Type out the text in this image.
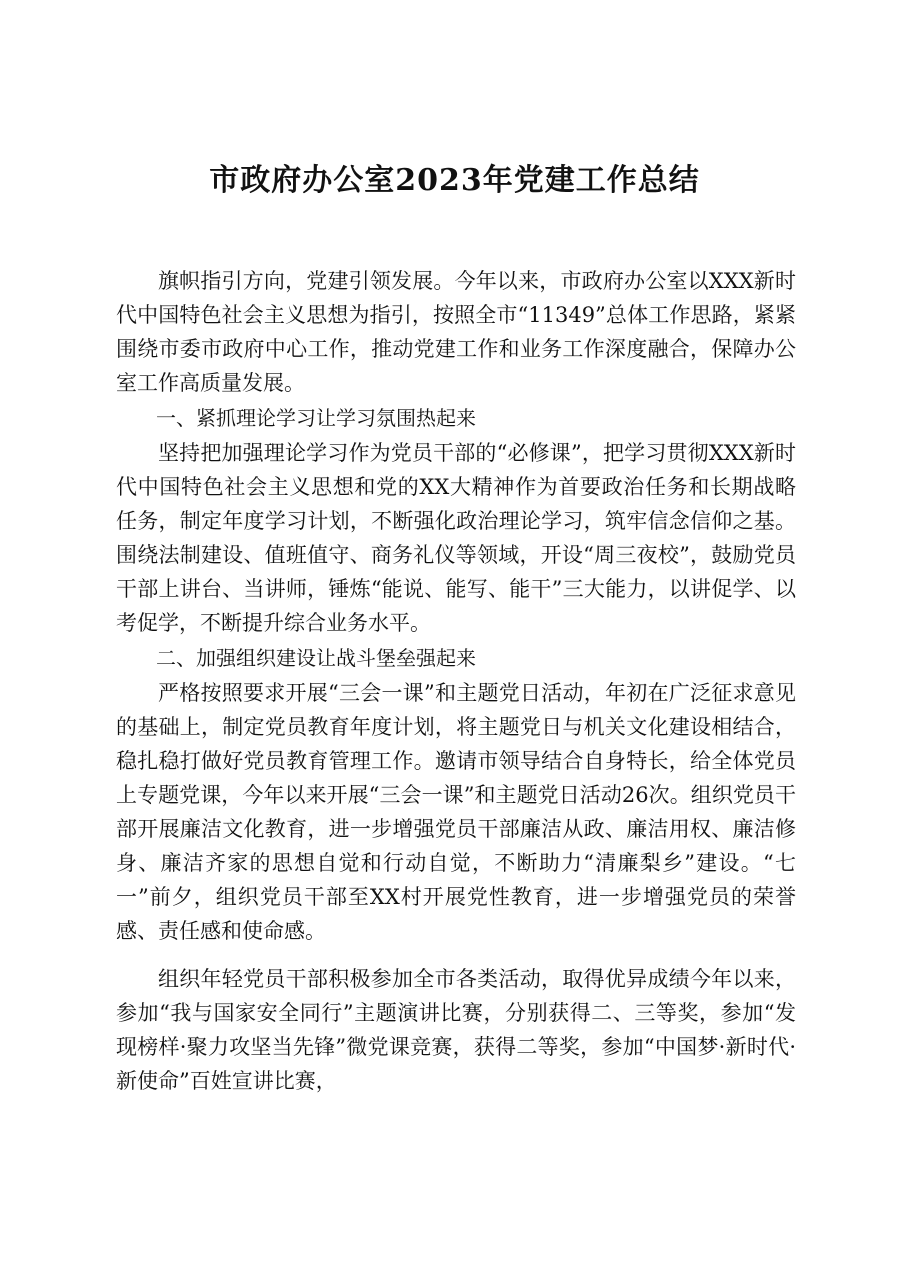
市政府办公室2023年党建工作总结

旗帜指引方向，党建引领发展。今年以来，市政府办公室以XXX新时代中国特色社会主义思想为指引，按照全市“11349”总体工作思路，紧紧围绕市委市政府中心工作，推动党建工作和业务工作深度融合，保障办公室工作高质量发展。

一、紧抓理论学习让学习氛围热起来

坚持把加强理论学习作为党员干部的“必修课”，把学习贯彻XXX新时代中国特色社会主义思想和党的XX大精神作为首要政治任务和长期战略任务，制定年度学习计划，不断强化政治理论学习，筑牢信念信仰之基。围绕法制建设、值班值守、商务礼仪等领域，开设“周三夜校”，鼓励党员干部上讲台、当讲师，锤炼“能说、能写、能干”三大能力，以讲促学、以考促学，不断提升综合业务水平。

二、加强组织建设让战斗堡垒强起来

严格按照要求开展“三会一课”和主题党日活动，年初在广泛征求意见的基础上，制定党员教育年度计划，将主题党日与机关文化建设相结合，稳扎稳打做好党员教育管理工作。邀请市领导结合自身特长，给全体党员上专题党课，今年以来开展“三会一课”和主题党日活动26次。组织党员干部开展廉洁文化教育，进一步增强党员干部廉洁从政、廉洁用权、廉洁修身、廉洁齐家的思想自觉和行动自觉，不断助力“清廉梨乡”建设。“七一”前夕，组织党员干部至XX村开展党性教育，进一步增强党员的荣誉感、责任感和使命感。

组织年轻党员干部积极参加全市各类活动，取得优异成绩今年以来，参加“我与国家安全同行”主题演讲比赛，分别获得二、三等奖，参加“发现榜样·聚力攻坚当先锋”微党课竞赛，获得二等奖，参加“中国梦·新时代·新使命”百姓宣讲比赛，
